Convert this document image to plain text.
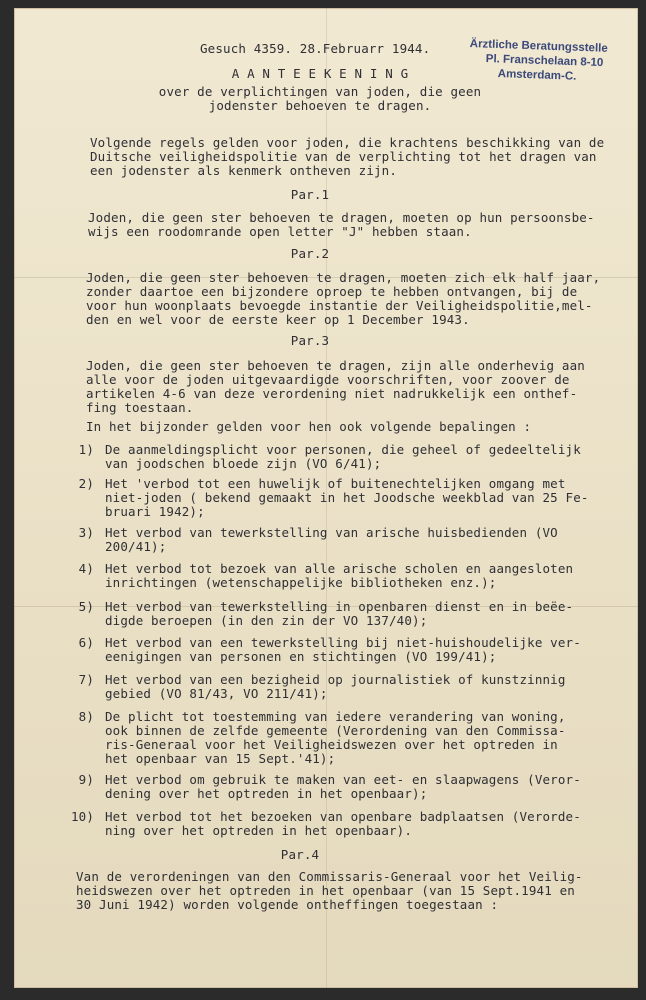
Gesuch 4359. 28.Februarr 1944.	Ärztliche Beratungsstelle
Pl. Franschelaan 8-10
Amsterdam-C.
A A N T E E K E N I N G
over de verplichtingen van joden, die geen
jodenster behoeven te dragen.
Volgende regels gelden voor joden, die krachtens beschikking van de
Duitsche veiligheidspolitie van de verplichting tot het dragen van
een jodenster als kenmerk ontheven zijn.
Par.1
Joden, die geen ster behoeven te dragen, moeten op hun persoonsbe-
wijs een roodomrande open letter "J" hebben staan.
Par.2
Joden, die geen ster behoeven te dragen, moeten zich elk half jaar,
zonder daartoe een bijzondere oproep te hebben ontvangen, bij de
voor hun woonplaats bevoegde instantie der Veiligheidspolitie,mel-
den en wel voor de eerste keer op 1 December 1943.
Par.3
Joden, die geen ster behoeven te dragen, zijn alle onderhevig aan
alle voor de joden uitgevaardigde voorschriften, voor zoover de
artikelen 4-6 van deze verordening niet nadrukkelijk een onthef-
fing toestaan.
In het bijzonder gelden voor hen ook volgende bepalingen :
1) De aanmeldingsplicht voor personen, die geheel of gedeeltelijk
van joodschen bloede zijn (VO 6/41);
2) Het 'verbod tot een huwelijk of buitenechtelijken omgang met
niet-joden ( bekend gemaakt in het Joodsche weekblad van 25 Fe-
bruari 1942);
3) Het verbod van tewerkstelling van arische huisbedienden (VO
200/41);
4) Het verbod tot bezoek van alle arische scholen en aangesloten
inrichtingen (wetenschappelijke bibliotheken enz.);
5) Het verbod van tewerkstelling in openbaren dienst en in beëe-
digde beroepen (in den zin der VO 137/40);
6) Het verbod van een tewerkstelling bij niet-huishoudelijke ver-
eenigingen van personen en stichtingen (VO 199/41);
7) Het verbod van een bezigheid op journalistiek of kunstzinnig
gebied (VO 81/43, VO 211/41);
8) De plicht tot toestemming van iedere verandering van woning,
ook binnen de zelfde gemeente (Verordening van den Commissa-
ris-Generaal voor het Veiligheidswezen over het optreden in
het openbaar van 15 Sept.'41);
9) Het verbod om gebruik te maken van eet- en slaapwagens (Veror-
dening over het optreden in het openbaar);
10) Het verbod tot het bezoeken van openbare badplaatsen (Verorde-
ning over het optreden in het openbaar).
Par.4
Van de verordeningen van den Commissaris-Generaal voor het Veilig-
heidswezen over het optreden in het openbaar (van 15 Sept.1941 en
30 Juni 1942) worden volgende ontheffingen toegestaan :
